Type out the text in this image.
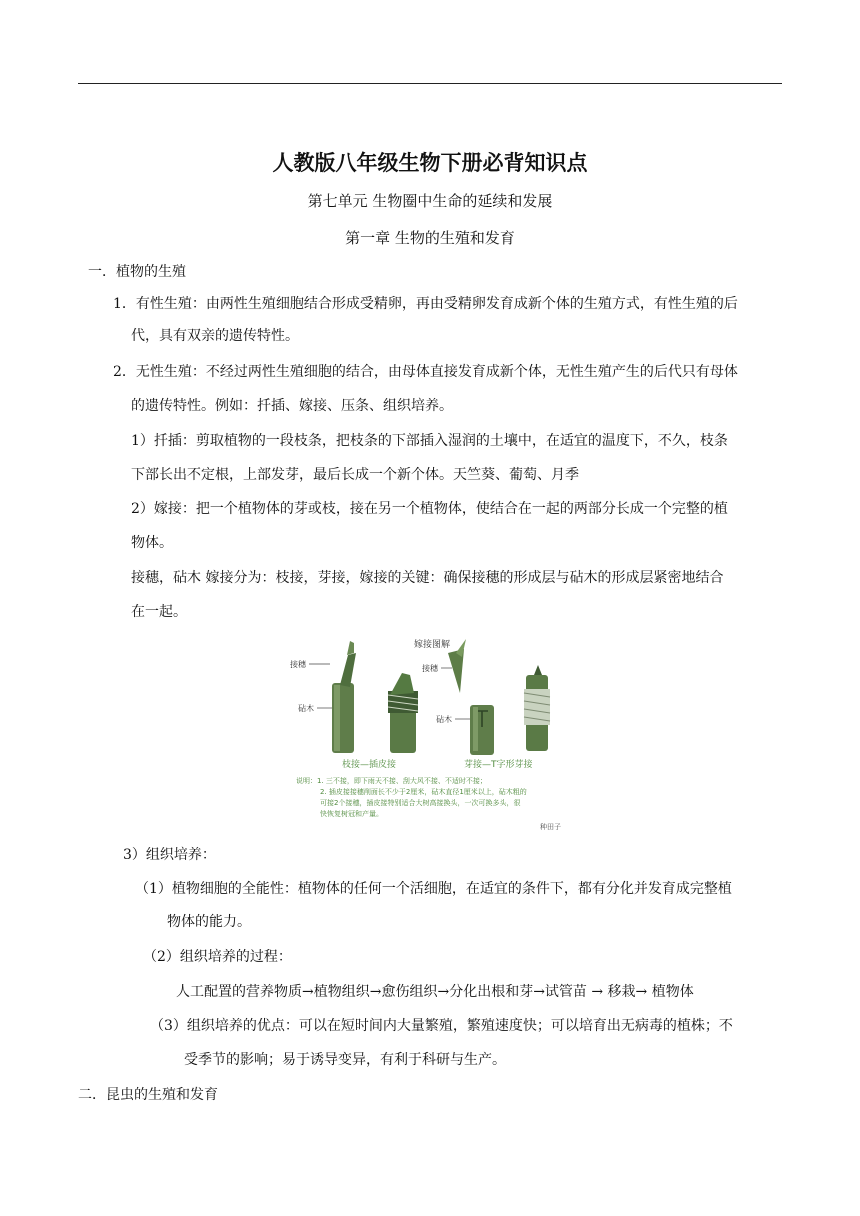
人教版八年级生物下册必背知识点
第七单元 生物圈中生命的延续和发展
第一章 生物的生殖和发育
一．植物的生殖
1．有性生殖：由两性生殖细胞结合形成受精卵，再由受精卵发育成新个体的生殖方式，有性生殖的后
代，具有双亲的遗传特性。
2．无性生殖：不经过两性生殖细胞的结合，由母体直接发育成新个体，无性生殖产生的后代只有母体
的遗传特性。例如：扦插、嫁接、压条、组织培养。
1）扦插：剪取植物的一段枝条，把枝条的下部插入湿润的土壤中，在适宜的温度下，不久，枝条
下部长出不定根，上部发芽，最后长成一个新个体。天竺葵、葡萄、月季
2）嫁接：把一个植物体的芽或枝，接在另一个植物体，使结合在一起的两部分长成一个完整的植
物体。
接穗，砧木 嫁接分为：枝接，芽接，嫁接的关键：确保接穗的形成层与砧木的形成层紧密地结合
在一起。
嫁接图解
接穗
砧木
接穗
砧木
枝接—插皮接	芽接—T字形芽接
说明：1. 三不接，即下雨天不接、刮大风不接、不适时不接；
2. 插皮接接穗削面长不少于2厘米，砧木直径1厘米以上，砧木粗的
可接2个接穗，插皮接特别适合大树高接换头，一次可换多头，很
快恢复树冠和产量。
种田子
3）组织培养：
（1）植物细胞的全能性：植物体的任何一个活细胞，在适宜的条件下，都有分化并发育成完整植
物体的能力。
（2）组织培养的过程：
人工配置的营养物质→植物组织→愈伤组织→分化出根和芽→试管苗 → 移栽→ 植物体
（3）组织培养的优点：可以在短时间内大量繁殖，繁殖速度快；可以培育出无病毒的植株；不
受季节的影响；易于诱导变异，有利于科研与生产。
二．昆虫的生殖和发育
